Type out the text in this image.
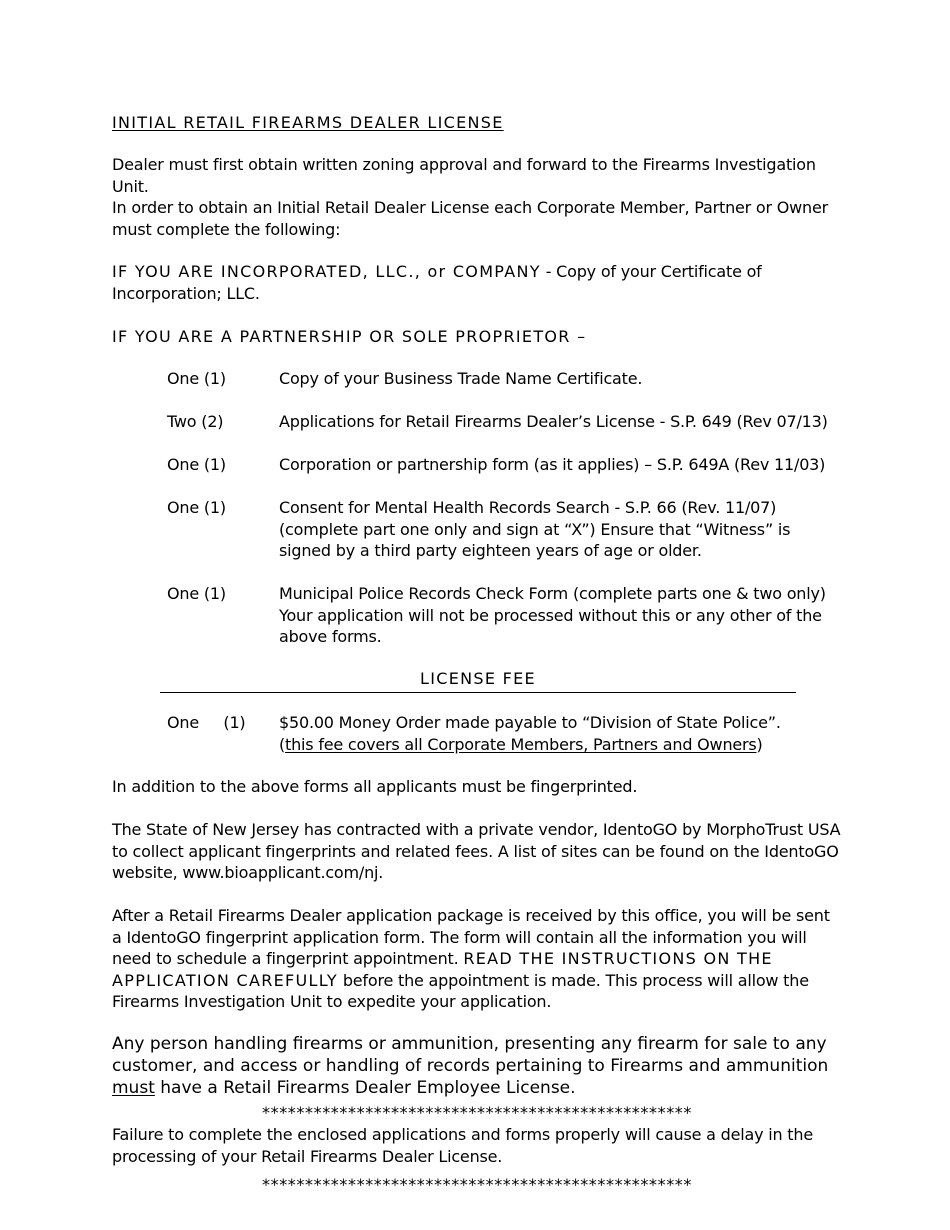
INITIAL RETAIL FIREARMS DEALER LICENSE
Dealer must first obtain written zoning approval and forward to the Firearms Investigation Unit.
In order to obtain an Initial Retail Dealer License each Corporate Member, Partner or Owner must complete the following:
IF YOU ARE INCORPORATED, LLC., or COMPANY - Copy of your Certificate of Incorporation; LLC.
IF YOU ARE A PARTNERSHIP OR SOLE PROPRIETOR –
One (1)	Copy of your Business Trade Name Certificate.
Two (2)	Applications for Retail Firearms Dealer’s License - S.P. 649 (Rev 07/13)
One (1)	Corporation or partnership form (as it applies) – S.P. 649A (Rev 11/03)
One (1)	Consent for Mental Health Records Search - S.P. 66 (Rev. 11/07) (complete part one only and sign at “X”) Ensure that “Witness” is signed by a third party eighteen years of age or older.
One (1)	Municipal Police Records Check Form (complete parts one & two only) Your application will not be processed without this or any other of the above forms.
LICENSE FEE
One     (1)	$50.00 Money Order made payable to “Division of State Police”.
(this fee covers all Corporate Members, Partners and Owners)
In addition to the above forms all applicants must be fingerprinted.
The State of New Jersey has contracted with a private vendor, IdentoGO by MorphoTrust USA to collect applicant fingerprints and related fees. A list of sites can be found on the IdentoGO website, www.bioapplicant.com/nj.
After a Retail Firearms Dealer application package is received by this office, you will be sent a IdentoGO fingerprint application form. The form will contain all the information you will need to schedule a fingerprint appointment. READ THE INSTRUCTIONS ON THE APPLICATION CAREFULLY before the appointment is made. This process will allow the Firearms Investigation Unit to expedite your application.
Any person handling firearms or ammunition, presenting any firearm for sale to any customer, and access or handling of records pertaining to Firearms and ammunition must have a Retail Firearms Dealer Employee License.
**************************************************
Failure to complete the enclosed applications and forms properly will cause a delay in the processing of your Retail Firearms Dealer License.
**************************************************
